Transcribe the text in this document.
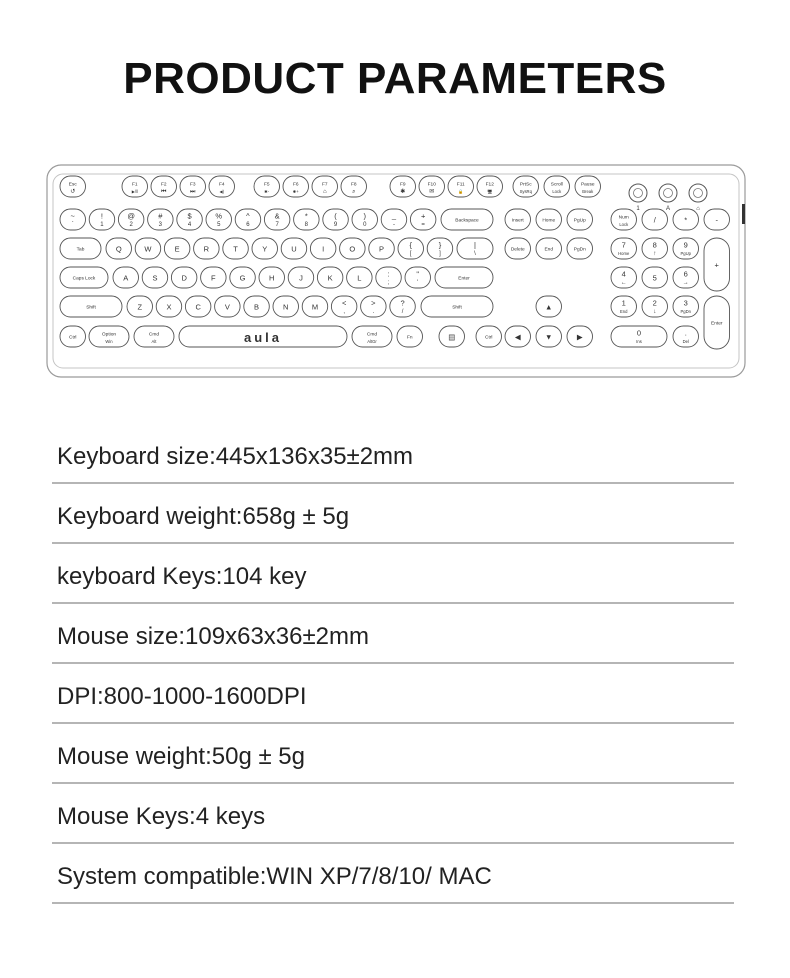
PRODUCT PARAMETERS
Esc
↺
F1
▶/‖
F2
⏮
F3
⏭
F4
◀)
F5
✱-
F6
✱+
F7
⌂
F8
⌕
F9
✱
F10
✉
F11
🔒
F12
🖥
PrtSc
SysRq
Scroll
Lock
Pause
Break
~
`
!
1
@
2
#
3
$
4
%
5
^
6
&
7
*
8
(
9
)
0
_
-
+
=
Backspace	Insert	Home	PgUp
Num
Lock	/	*	-
Tab	Q	W	E	R	T	Y	U	I	O	P	{
[
}
]
|
\
Delete	End	PgDn
7
Home
8
↑
9
PgUp
+
Caps Lock	A	S	D	F	G	H	J	K	L	:
;
"
'
Enter
4
←
5	6
→
Shift	Z	X	C	V	B	N	M	<
,
>
.
?
/
Shift	▲	1
End
2
↓
3
PgDn
Enter
Ctrl
Option
Win
Cmd
Alt
Cmd
AltGr
Fn	▤	Ctrl	◀	▼	▶	0
Ins
.
Del
aula
1	A	⌂
Keyboard size:445x136x35±2mm
Keyboard weight:658g ± 5g
keyboard Keys:104 key
Mouse size:109x63x36±2mm
DPI:800-1000-1600DPI
Mouse weight:50g ± 5g
Mouse Keys:4 keys
System compatible:WIN XP/7/8/10/ MAC
